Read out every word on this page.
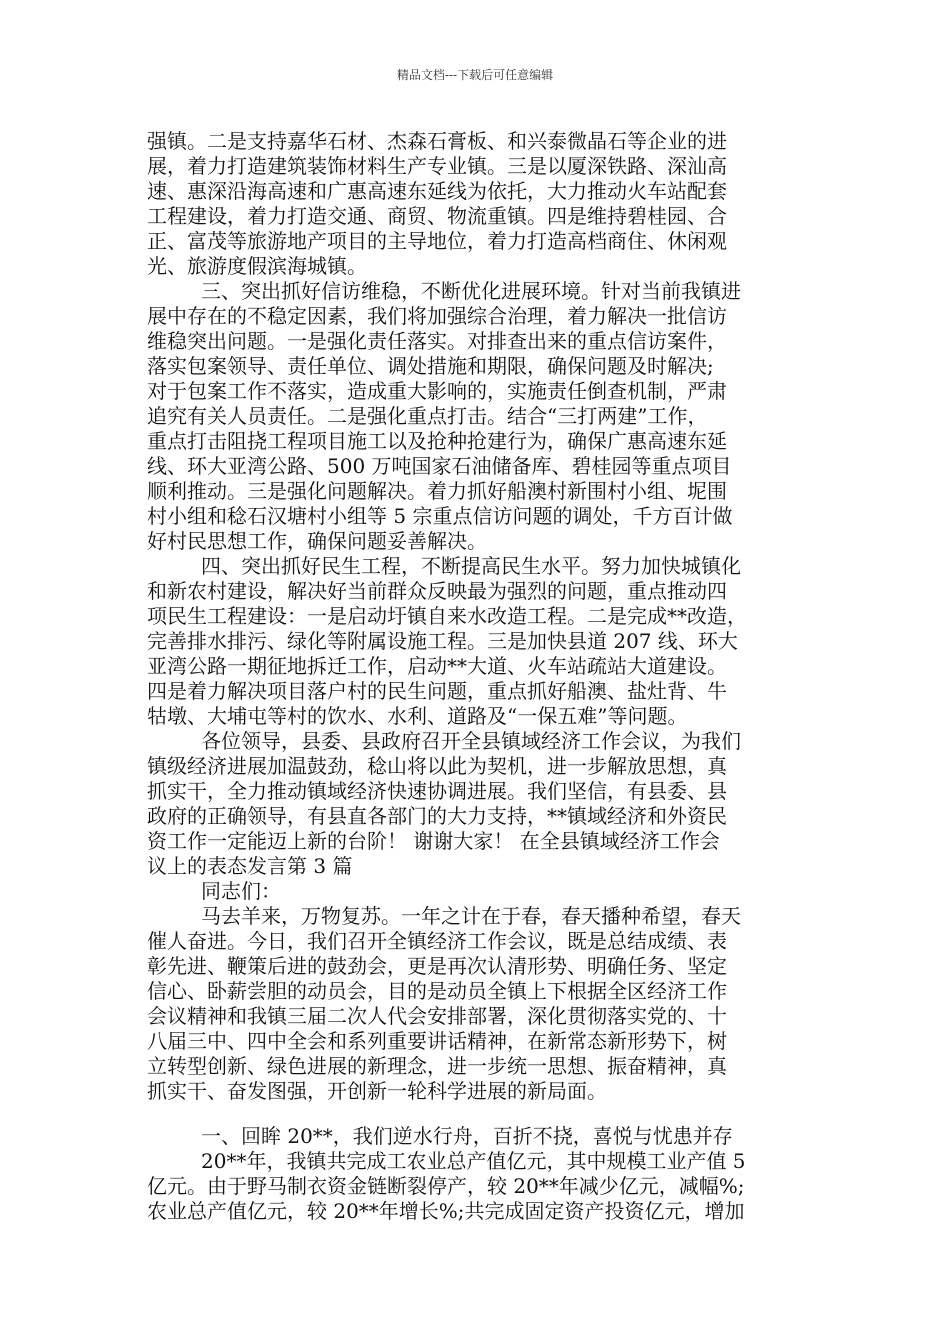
精品文档---下载后可任意编辑
强镇。二是支持嘉华石材、杰森石膏板、和兴泰微晶石等企业的进
展，着力打造建筑装饰材料生产专业镇。三是以厦深铁路、深汕高
速、惠深沿海高速和广惠高速东延线为依托，大力推动火车站配套
工程建设，着力打造交通、商贸、物流重镇。四是维持碧桂园、合
正、富茂等旅游地产项目的主导地位，着力打造高档商住、休闲观
光、旅游度假滨海城镇。
三、突出抓好信访维稳，不断优化进展环境。针对当前我镇进
展中存在的不稳定因素，我们将加强综合治理，着力解决一批信访
维稳突出问题。一是强化责任落实。对排查出来的重点信访案件，
落实包案领导、责任单位、调处措施和期限，确保问题及时解决;
对于包案工作不落实，造成重大影响的，实施责任倒查机制，严肃
追究有关人员责任。二是强化重点打击。结合“三打两建”工作，
重点打击阻挠工程项目施工以及抢种抢建行为，确保广惠高速东延
线、环大亚湾公路、500 万吨国家石油储备库、碧桂园等重点项目
顺利推动。三是强化问题解决。着力抓好船澳村新围村小组、坭围
村小组和稔石汉塘村小组等 5 宗重点信访问题的调处，千方百计做
好村民思想工作，确保问题妥善解决。
四、突出抓好民生工程，不断提高民生水平。努力加快城镇化
和新农村建设，解决好当前群众反映最为强烈的问题，重点推动四
项民生工程建设：一是启动圩镇自来水改造工程。二是完成**改造，
完善排水排污、绿化等附属设施工程。三是加快县道 207 线、环大
亚湾公路一期征地拆迁工作，启动**大道、火车站疏站大道建设。
四是着力解决项目落户村的民生问题，重点抓好船澳、盐灶背、牛
牯墩、大埔屯等村的饮水、水利、道路及“一保五难”等问题。
各位领导，县委、县政府召开全县镇域经济工作会议，为我们
镇级经济进展加温鼓劲，稔山将以此为契机，进一步解放思想，真
抓实干，全力推动镇域经济快速协调进展。我们坚信，有县委、县
政府的正确领导，有县直各部门的大力支持，**镇域经济和外资民
资工作一定能迈上新的台阶！ 谢谢大家！ 在全县镇域经济工作会
议上的表态发言第 3 篇
同志们：
马去羊来，万物复苏。一年之计在于春，春天播种希望，春天
催人奋进。今日，我们召开全镇经济工作会议，既是总结成绩、表
彰先进、鞭策后进的鼓劲会，更是再次认清形势、明确任务、坚定
信心、卧薪尝胆的动员会，目的是动员全镇上下根据全区经济工作
会议精神和我镇三届二次人代会安排部署，深化贯彻落实党的、十
八届三中、四中全会和系列重要讲话精神，在新常态新形势下，树
立转型创新、绿色进展的新理念，进一步统一思想、振奋精神，真
抓实干、奋发图强，开创新一轮科学进展的新局面。
一、回眸 20**，我们逆水行舟，百折不挠，喜悦与忧患并存
20**年，我镇共完成工农业总产值亿元，其中规模工业产值 5
亿元。由于野马制衣资金链断裂停产，较 20**年减少亿元，减幅%;
农业总产值亿元，较 20**年增长%;共完成固定资产投资亿元，增加
